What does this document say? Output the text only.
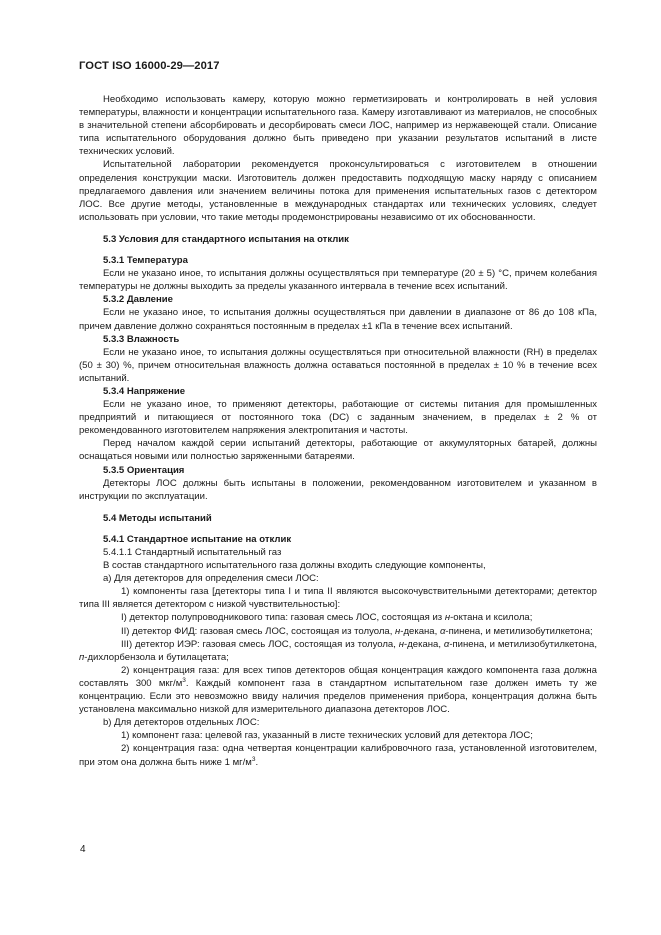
ГОСТ ISO 16000-29—2017

Необходимо использовать камеру, которую можно герметизировать и контролировать в ней условия температуры, влажности и концентрации испытательного газа. Камеру изготавливают из материалов, не способных в значительной степени абсорбировать и десорбировать смеси ЛОС, например из нержавеющей стали. Описание типа испытательного оборудования должно быть приведено при указании результатов испытаний в листе технических условий.

Испытательной лаборатории рекомендуется проконсультироваться с изготовителем в отношении определения конструкции маски. Изготовитель должен предоставить подходящую маску наряду с описанием предлагаемого давления или значением величины потока для применения испытательных газов с детектором ЛОС. Все другие методы, установленные в международных стандартах или технических условиях, следует использовать при условии, что такие методы продемонстрированы независимо от их обоснованности.

5.3 Условия для стандартного испытания на отклик

5.3.1 Температура

Если не указано иное, то испытания должны осуществляться при температуре (20 ± 5) °C, причем колебания температуры не должны выходить за пределы указанного интервала в течение всех испытаний.

5.3.2 Давление

Если не указано иное, то испытания должны осуществляться при давлении в диапазоне от 86 до 108 кПа, причем давление должно сохраняться постоянным в пределах ±1 кПа в течение всех испытаний.

5.3.3 Влажность

Если не указано иное, то испытания должны осуществляться при относительной влажности (RH) в пределах (50 ± 30) %, причем относительная влажность должна оставаться постоянной в пределах ± 10 % в течение всех испытаний.

5.3.4 Напряжение

Если не указано иное, то применяют детекторы, работающие от системы питания для промышленных предприятий и питающиеся от постоянного тока (DC) с заданным значением, в пределах ± 2 % от рекомендованного изготовителем напряжения электропитания и частоты.

Перед началом каждой серии испытаний детекторы, работающие от аккумуляторных батарей, должны оснащаться новыми или полностью заряженными батареями.

5.3.5 Ориентация

Детекторы ЛОС должны быть испытаны в положении, рекомендованном изготовителем и указанном в инструкции по эксплуатации.

5.4 Методы испытаний

5.4.1 Стандартное испытание на отклик

5.4.1.1 Стандартный испытательный газ

В состав стандартного испытательного газа должны входить следующие компоненты,

а) Для детекторов для определения смеси ЛОС:

1) компоненты газа [детекторы типа I и типа II являются высокочувствительными детекторами; детектор типа III является детектором с низкой чувствительностью]:

I) детектор полупроводникового типа: газовая смесь ЛОС, состоящая из н-октана и ксилола;

II) детектор ФИД: газовая смесь ЛОС, состоящая из толуола, н-декана, α-пинена, и метилизобутилкетона;

III) детектор ИЭР: газовая смесь ЛОС, состоящая из толуола, н-декана, α-пинена, и метилизобутилкетона, п-дихлорбензола и бутилацетата;

2) концентрация газа: для всех типов детекторов общая концентрация каждого компонента газа должна составлять 300 мкг/$м^3$. Каждый компонент газа в стандартном испытательном газе должен иметь ту же концентрацию. Если это невозможно ввиду наличия пределов применения прибора, концентрация должна быть установлена максимально низкой для измерительного диапазона детекторов ЛОС.

b) Для детекторов отдельных ЛОС:

1) компонент газа: целевой газ, указанный в листе технических условий для детектора ЛОС;

2) концентрация газа: одна четвертая концентрации калибровочного газа, установленной изготовителем, при этом она должна быть ниже 1 $мг/м^3$.

4
